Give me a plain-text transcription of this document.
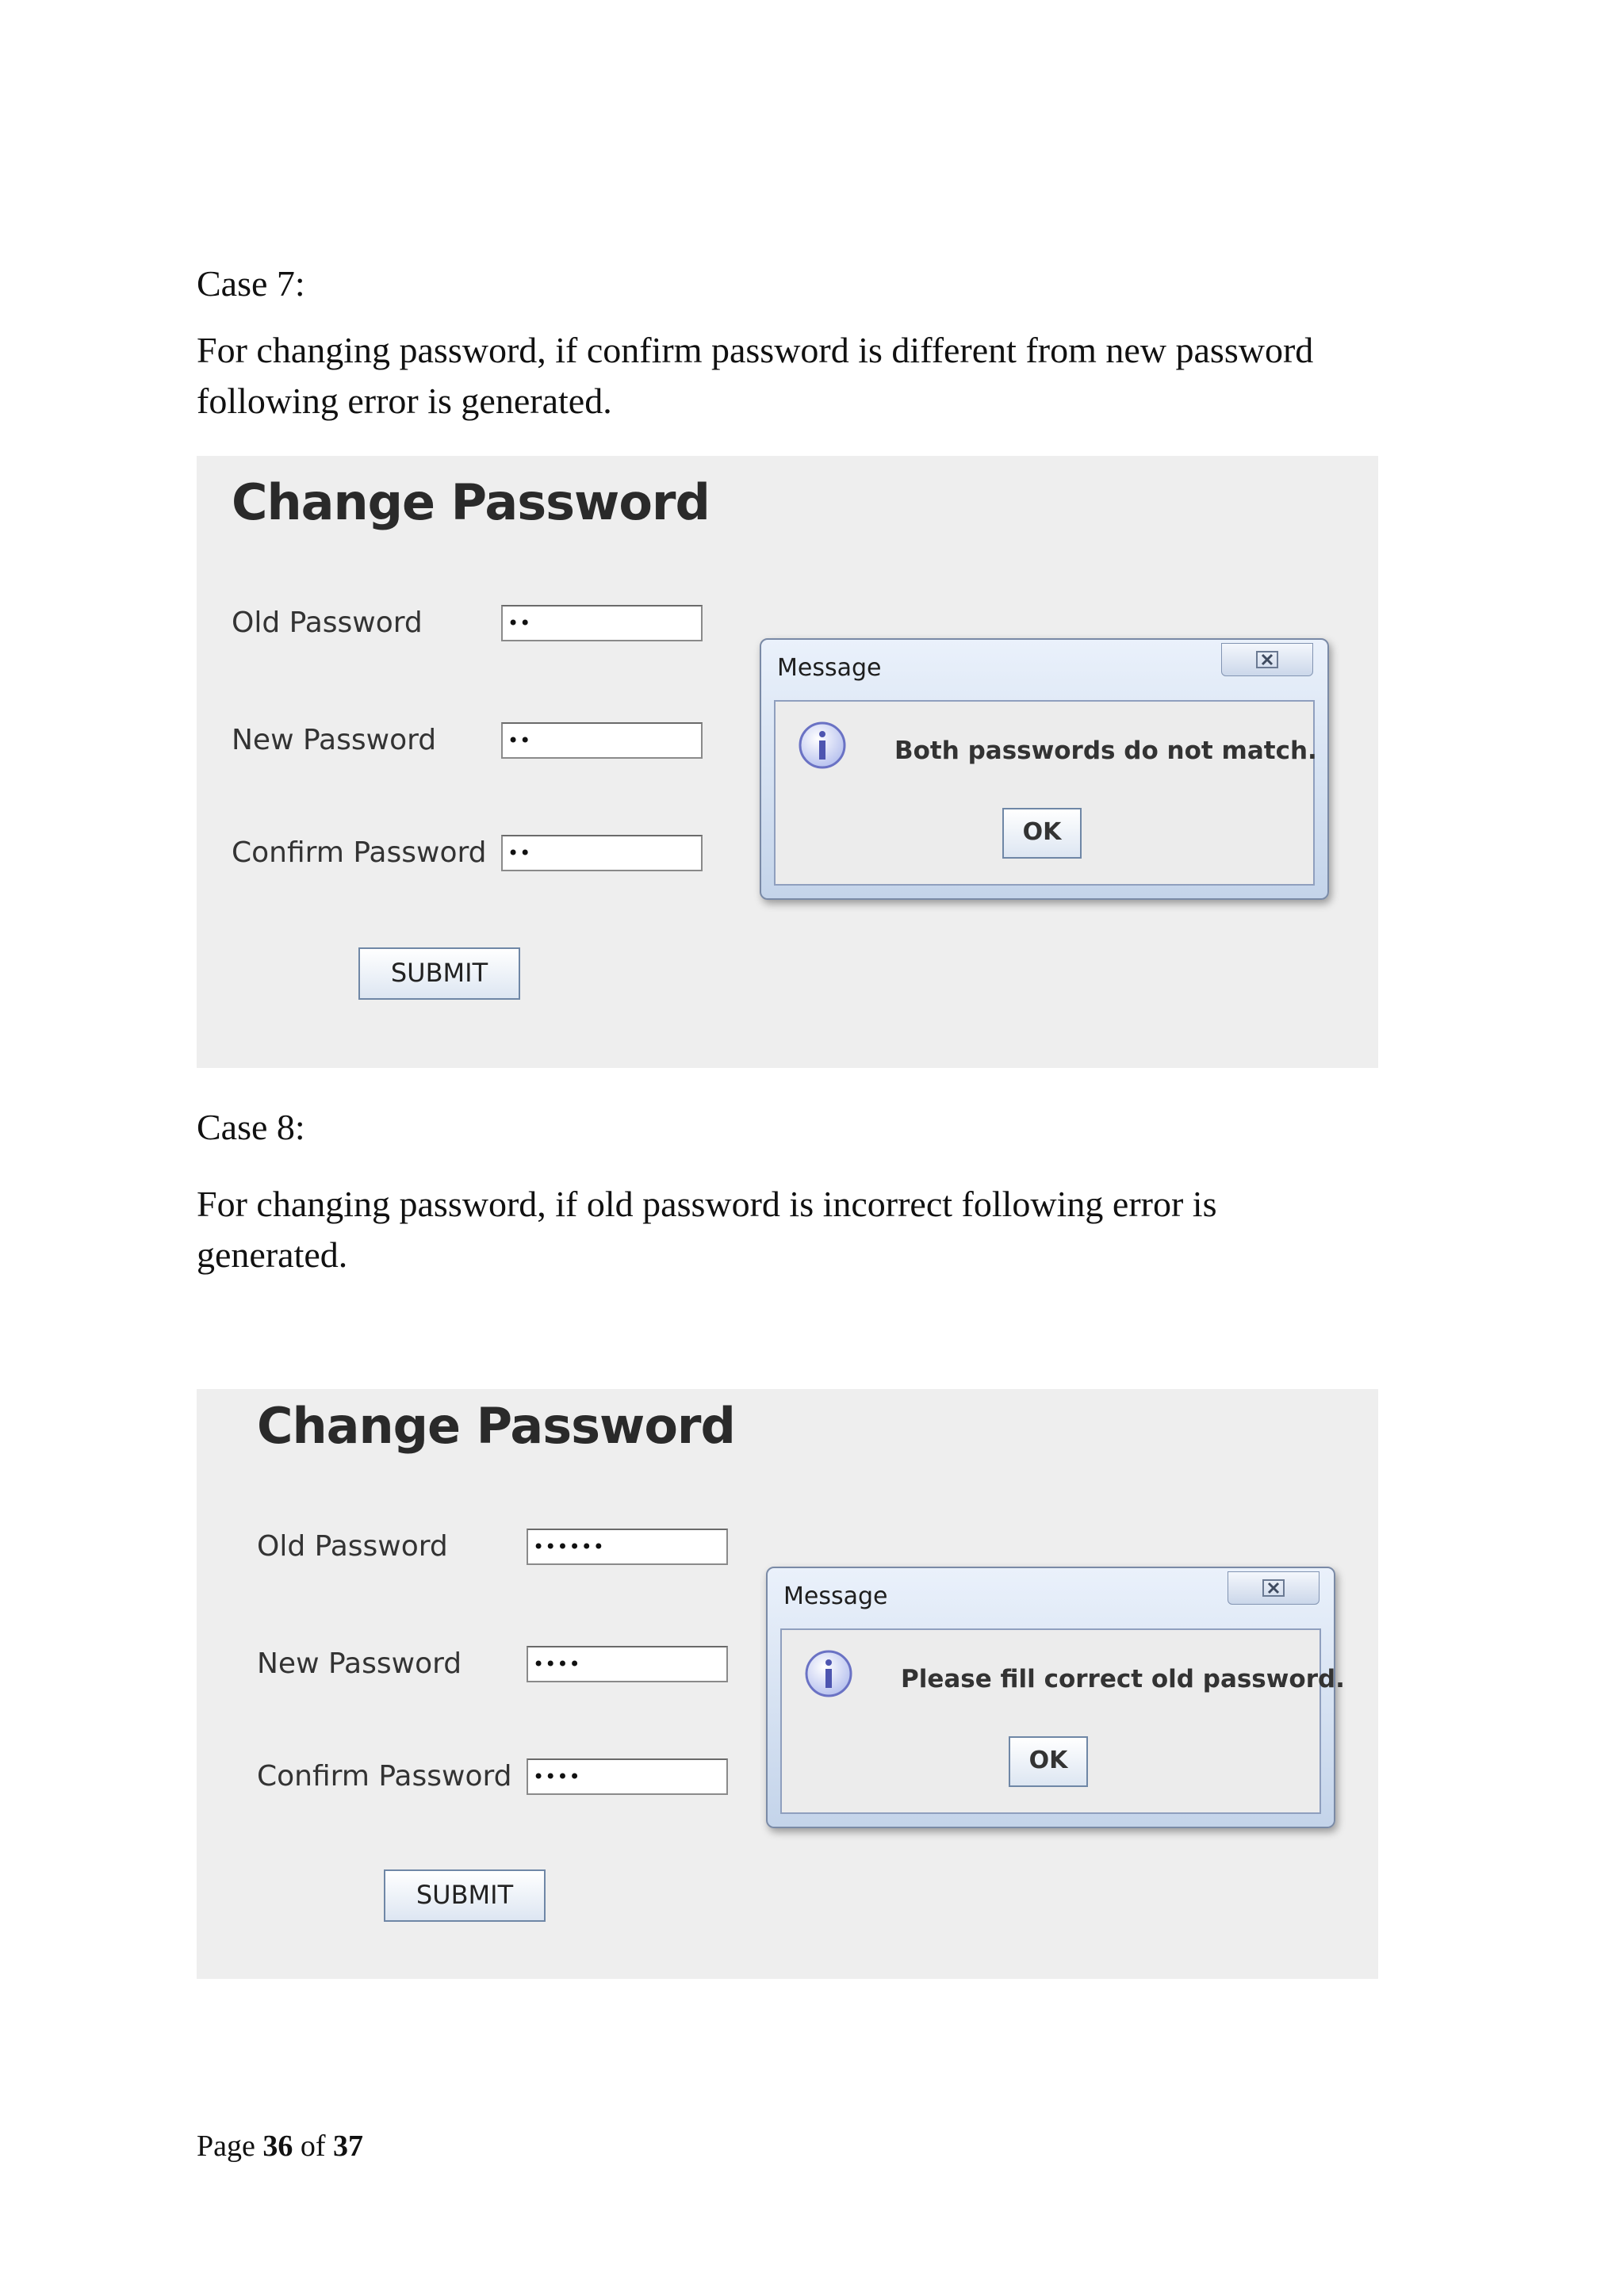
Case 7:

For changing password, if confirm password is different from new password following error is generated.

Change Password
Old Password	••
New Password	••
Confirm Password	••
SUBMIT
Message
Both passwords do not match.
OK

Case 8:

For changing password, if old password is incorrect following error is generated.

Change Password
Old Password	••••••
New Password	••••
Confirm Password	••••
SUBMIT
Message
Please fill correct old password.
OK
Page 36 of 37
